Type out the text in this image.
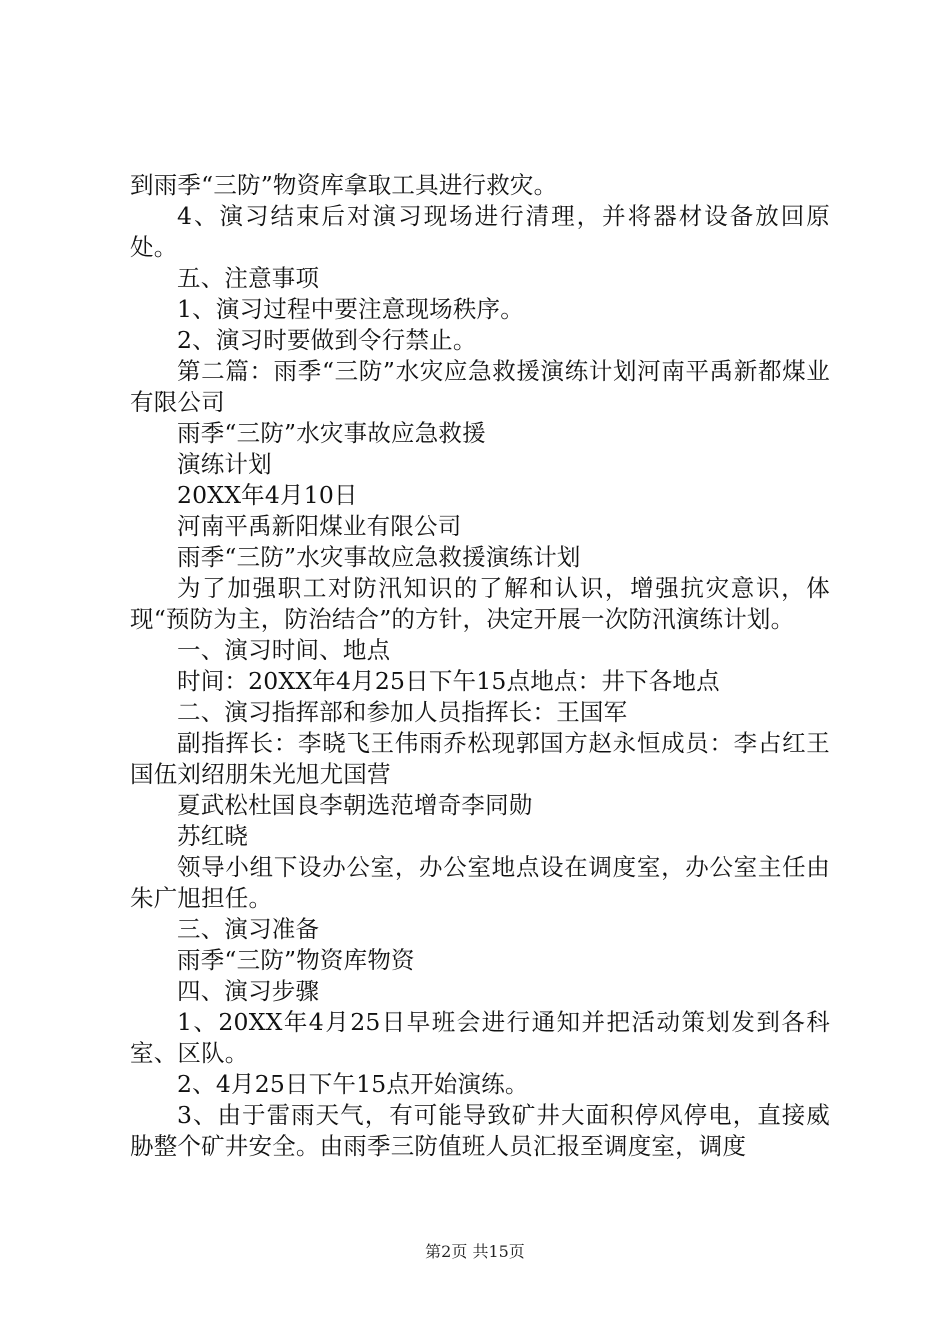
到雨季“三防”物资库拿取工具进行救灾。

4、演习结束后对演习现场进行清理，并将器材设备放回原处。

五、注意事项

1、演习过程中要注意现场秩序。

2、演习时要做到令行禁止。

第二篇：雨季“三防”水灾应急救援演练计划河南平禹新都煤业有限公司

雨季“三防”水灾事故应急救援

演练计划

20XX年4月10日

河南平禹新阳煤业有限公司

雨季“三防”水灾事故应急救援演练计划

为了加强职工对防汛知识的了解和认识，增强抗灾意识，体现“预防为主，防治结合”的方针，决定开展一次防汛演练计划。

一、演习时间、地点

时间：20XX年4月25日下午15点地点：井下各地点

二、演习指挥部和参加人员指挥长：王国军

副指挥长：李晓飞王伟雨乔松现郭国方赵永恒成员：李占红王国伍刘绍朋朱光旭尤国营

夏武松杜国良李朝选范增奇李同勋

苏红晓

领导小组下设办公室，办公室地点设在调度室，办公室主任由朱广旭担任。

三、演习准备

雨季“三防”物资库物资

四、演习步骤

1、20XX年4月25日早班会进行通知并把活动策划发到各科室、区队。

2、4月25日下午15点开始演练。

3、由于雷雨天气，有可能导致矿井大面积停风停电，直接威胁整个矿井安全。由雨季三防值班人员汇报至调度室，调度

第2页 共15页
